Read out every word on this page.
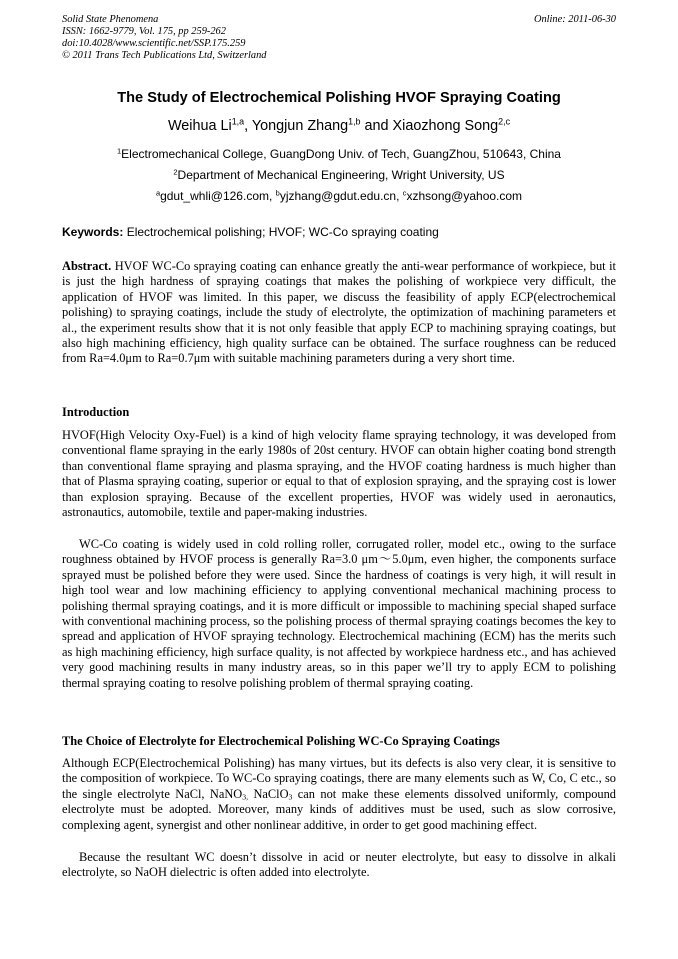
Solid State Phenomena
ISSN: 1662-9779, Vol. 175, pp 259-262
doi:10.4028/www.scientific.net/SSP.175.259
© 2011 Trans Tech Publications Ltd, Switzerland
Online: 2011-06-30
The Study of Electrochemical Polishing HVOF Spraying Coating
Weihua Li$^{1,a}$, Yongjun Zhang$^{1,b}$ and Xiaozhong Song$^{2,c}$
$^1$Electromechanical College, GuangDong Univ. of Tech, GuangZhou, 510643, China
$^2$Department of Mechanical Engineering, Wright University, US
$^a$gdut_whli@126.com, $^b$yjzhang@gdut.edu.cn, $^c$xzhsong@yahoo.com
Keywords: Electrochemical polishing; HVOF; WC-Co spraying coating
Abstract. HVOF WC-Co spraying coating can enhance greatly the anti-wear performance of workpiece, but it is just the high hardness of spraying coatings that makes the polishing of workpiece very difficult, the application of HVOF was limited. In this paper, we discuss the feasibility of apply ECP(electrochemical polishing) to spraying coatings, include the study of electrolyte, the optimization of machining parameters et al., the experiment results show that it is not only feasible that apply ECP to machining spraying coatings, but also high machining efficiency, high quality surface can be obtained. The surface roughness can be reduced from Ra=4.0μm to Ra=0.7μm with suitable machining parameters during a very short time.
Introduction
HVOF(High Velocity Oxy-Fuel) is a kind of high velocity flame spraying technology, it was developed from conventional flame spraying in the early 1980s of 20st century. HVOF can obtain higher coating bond strength than conventional flame spraying and plasma spraying, and the HVOF coating hardness is much higher than that of Plasma spraying coating, superior or equal to that of explosion spraying, and the spraying cost is lower than explosion spraying. Because of the excellent properties, HVOF was widely used in aeronautics, astronautics, automobile, textile and paper-making industries.
WC-Co coating is widely used in cold rolling roller, corrugated roller, model etc., owing to the surface roughness obtained by HVOF process is generally Ra=3.0 μm～5.0μm, even higher, the components surface sprayed must be polished before they were used. Since the hardness of coatings is very high, it will result in high tool wear and low machining efficiency to applying conventional mechanical machining process to polishing thermal spraying coatings, and it is more difficult or impossible to machining special shaped surface with conventional machining process, so the polishing process of thermal spraying coatings becomes the key to spread and application of HVOF spraying technology. Electrochemical machining (ECM) has the merits such as high machining efficiency, high surface quality, is not affected by workpiece hardness etc., and has achieved very good machining results in many industry areas, so in this paper we’ll try to apply ECM to polishing thermal spraying coating to resolve polishing problem of thermal spraying coating.
The Choice of Electrolyte for Electrochemical Polishing WC-Co Spraying Coatings
Although ECP(Electrochemical Polishing) has many virtues, but its defects is also very clear, it is sensitive to the composition of workpiece. To WC-Co spraying coatings, there are many elements such as W, Co, C etc., so the single electrolyte NaCl, NaNO$_{3,}$ NaClO$_3$ can not make these elements dissolved uniformly, compound electrolyte must be adopted. Moreover, many kinds of additives must be used, such as slow corrosive, complexing agent, synergist and other nonlinear additive, in order to get good machining effect.
Because the resultant WC doesn’t dissolve in acid or neuter electrolyte, but easy to dissolve in alkali electrolyte, so NaOH dielectric is often added into electrolyte.
